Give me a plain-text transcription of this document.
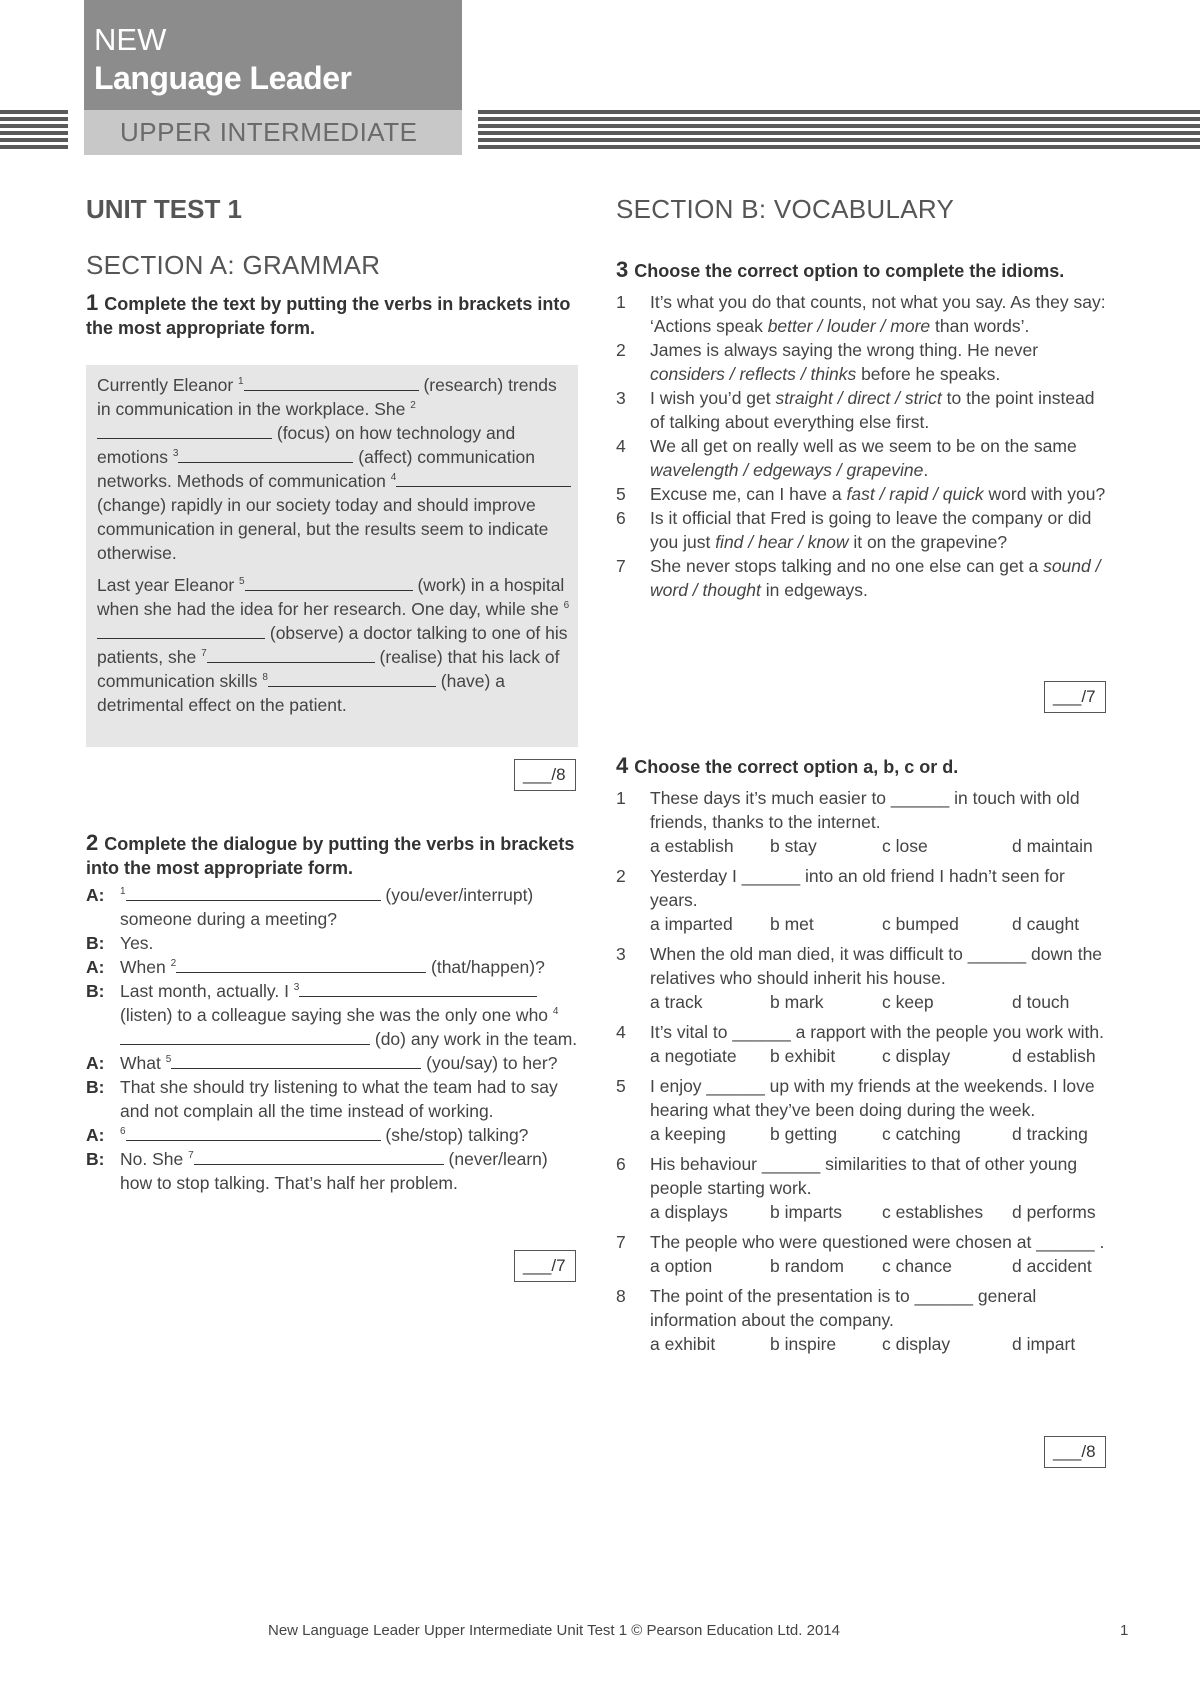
NEW
Language Leader
UPPER INTERMEDIATE
UNIT TEST 1
SECTION A: GRAMMAR
1 Complete the text by putting the verbs in brackets into the most appropriate form.
Currently Eleanor $^1$	(research) trends in communication in the workplace. She $^2$ (focus) on how technology and emotions $^3$	(affect) communication networks. Methods of communication $^4$ (change) rapidly in our society today and should improve communication in general, but the results seem to indicate otherwise.
Last year Eleanor $^5$	(work) in a hospital when she had the idea for her research. One day, while she $^6$ (observe) a doctor talking to one of his patients, she $^7$	(realise) that his lack of communication skills $^8$	(have) a detrimental effect on the patient.
___/8
2 Complete the dialogue by putting the verbs in brackets into the most appropriate form.
A: $^1$	(you/ever/interrupt) someone during a meeting?
B: Yes.
A: When $^2$	(that/happen)?
B: Last month, actually. I $^3$ (listen) to a colleague saying she was the only one who $^4$ (do) any work in the team.
A: What $^5$	(you/say) to her?
B: That she should try listening to what the team had to say and not complain all the time instead of working.
A: $^6$	(she/stop) talking?
B: No. She $^7$	(never/learn) how to stop talking. That’s half her problem.
___/7
SECTION B: VOCABULARY
3 Choose the correct option to complete the idioms.
1 It’s what you do that counts, not what you say. As they say: ‘Actions speak better / louder / more than words’.
2 James is always saying the wrong thing. He never considers / reflects / thinks before he speaks.
3 I wish you’d get straight / direct / strict to the point instead of talking about everything else first.
4 We all get on really well as we seem to be on the same wavelength / edgeways / grapevine.
5 Excuse me, can I have a fast / rapid / quick word with you?
6 Is it official that Fred is going to leave the company or did you just find / hear / know it on the grapevine?
7 She never stops talking and no one else can get a sound / word / thought in edgeways.
___/7
4 Choose the correct option a, b, c or d.
1 These days it’s much easier to ______ in touch with old friends, thanks to the internet.
a establish b stay	c lose	d maintain
2 Yesterday I ______ into an old friend I hadn’t seen for years.
a imparted b met	c bumped	d caught
3 When the old man died, it was difficult to ______ down the relatives who should inherit his house.
a track	b mark	c keep	d touch
4 It’s vital to ______ a rapport with the people you work with.
a negotiate b exhibit	c display	d establish
5 I enjoy ______ up with my friends at the weekends. I love hearing what they’ve been doing during the week.
a keeping	b getting	c catching	d tracking
6 His behaviour ______ similarities to that of other young people starting work.
a displays b imparts c establishes d performs
7 The people who were questioned were chosen at ______ .
a option	b random c chance	d accident
8 The point of the presentation is to ______ general information about the company.
a exhibit	b inspire	c display	d impart
___/8
New Language Leader Upper Intermediate Unit Test 1 © Pearson Education Ltd. 2014	1
